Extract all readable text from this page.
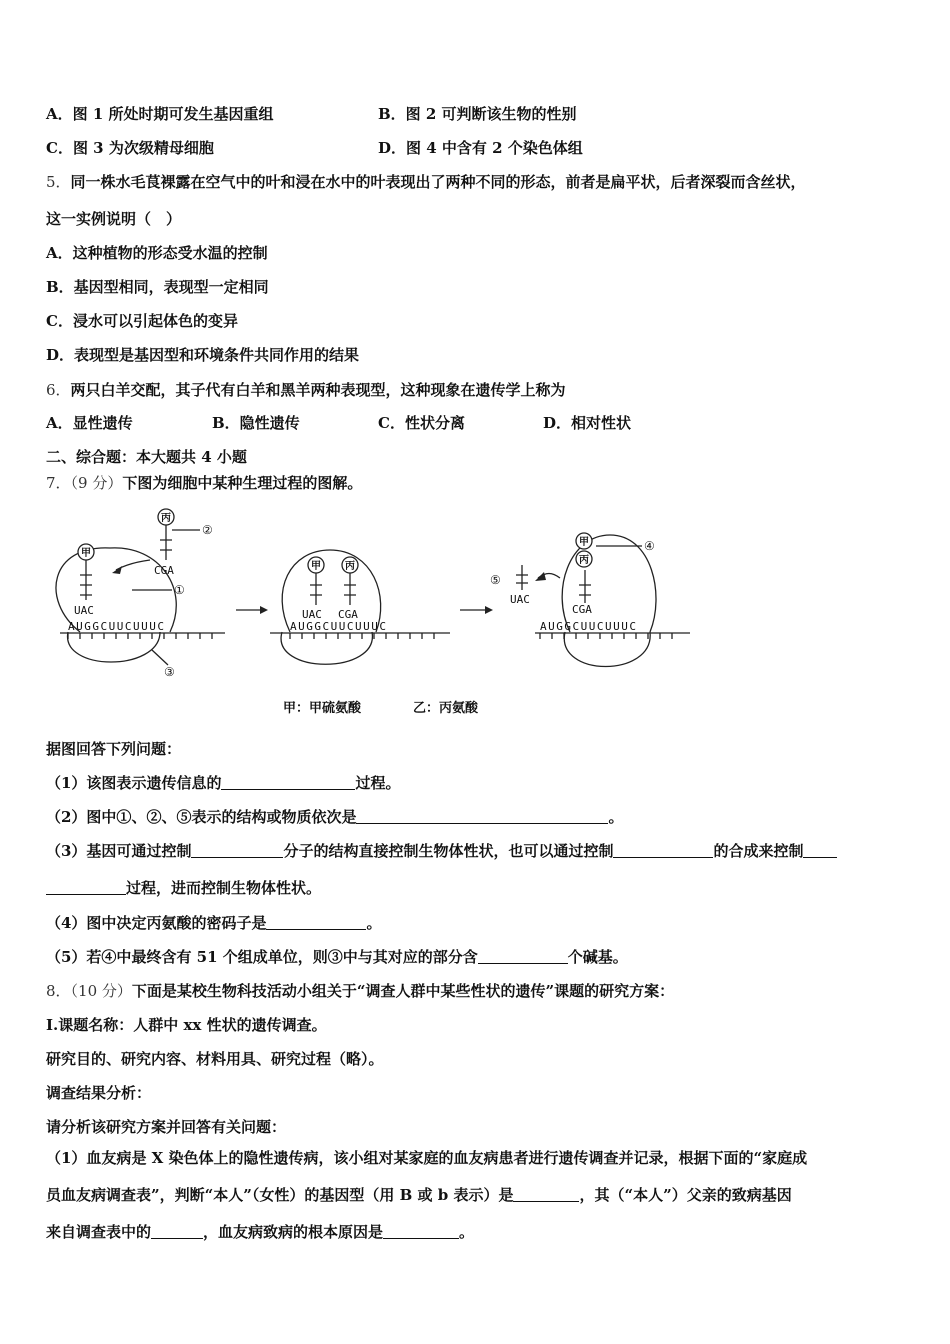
A．图 1 所处时期可发生基因重组	B．图 2 可判断该生物的性别
C．图 3 为次级精母细胞	D．图 4 中含有 2 个染色体组
5．同一株水毛茛裸露在空气中的叶和浸在水中的叶表现出了两种不同的形态，前者是扁平状，后者深裂而含丝状，
这一实例说明（　）
A．这种植物的形态受水温的控制
B．基因型相同，表现型一定相同
C．浸水可以引起体色的变异
D．表现型是基因型和环境条件共同作用的结果
6．两只白羊交配，其子代有白羊和黑羊两种表现型，这种现象在遗传学上称为
A．显性遗传	B．隐性遗传	C．性状分离	D．相对性状
二、综合题：本大题共 4 小题
7．（9 分）下图为细胞中某种生理过程的图解。
甲
丙
甲 丙
甲
丙
UAC
CGA
UAC CGA
UAC
CGA
AUGGCUUCUUUC	AUGGCUUCUUUC	AUGGCUUCUUUC
①
②
③
④
⑤
甲：甲硫氨酸	乙：丙氨酸
据图回答下列问题：
（1）该图表示遗传信息的	过程。
（2）图中①、②、⑤表示的结构或物质依次是	。
（3）基因可通过控制	分子的结构直接控制生物体性状，也可以通过控制	的合成来控制
过程，进而控制生物体性状。
（4）图中决定丙氨酸的密码子是	。
（5）若④中最终含有 51 个组成单位，则③中与其对应的部分含	个碱基。
8．（10 分）下面是某校生物科技活动小组关于“调查人群中某些性状的遗传”课题的研究方案：
I.课题名称：人群中 xx 性状的遗传调查。
研究目的、研究内容、材料用具、研究过程（略）。
调查结果分析：
请分析该研究方案并回答有关问题：
（1）血友病是 X 染色体上的隐性遗传病，该小组对某家庭的血友病患者进行遗传调查并记录，根据下面的“家庭成
员血友病调查表”，判断“本人”（女性）的基因型（用 B 或 b 表示）是	，其（“本人”）父亲的致病基因
来自调查表中的	，血友病致病的根本原因是	。
